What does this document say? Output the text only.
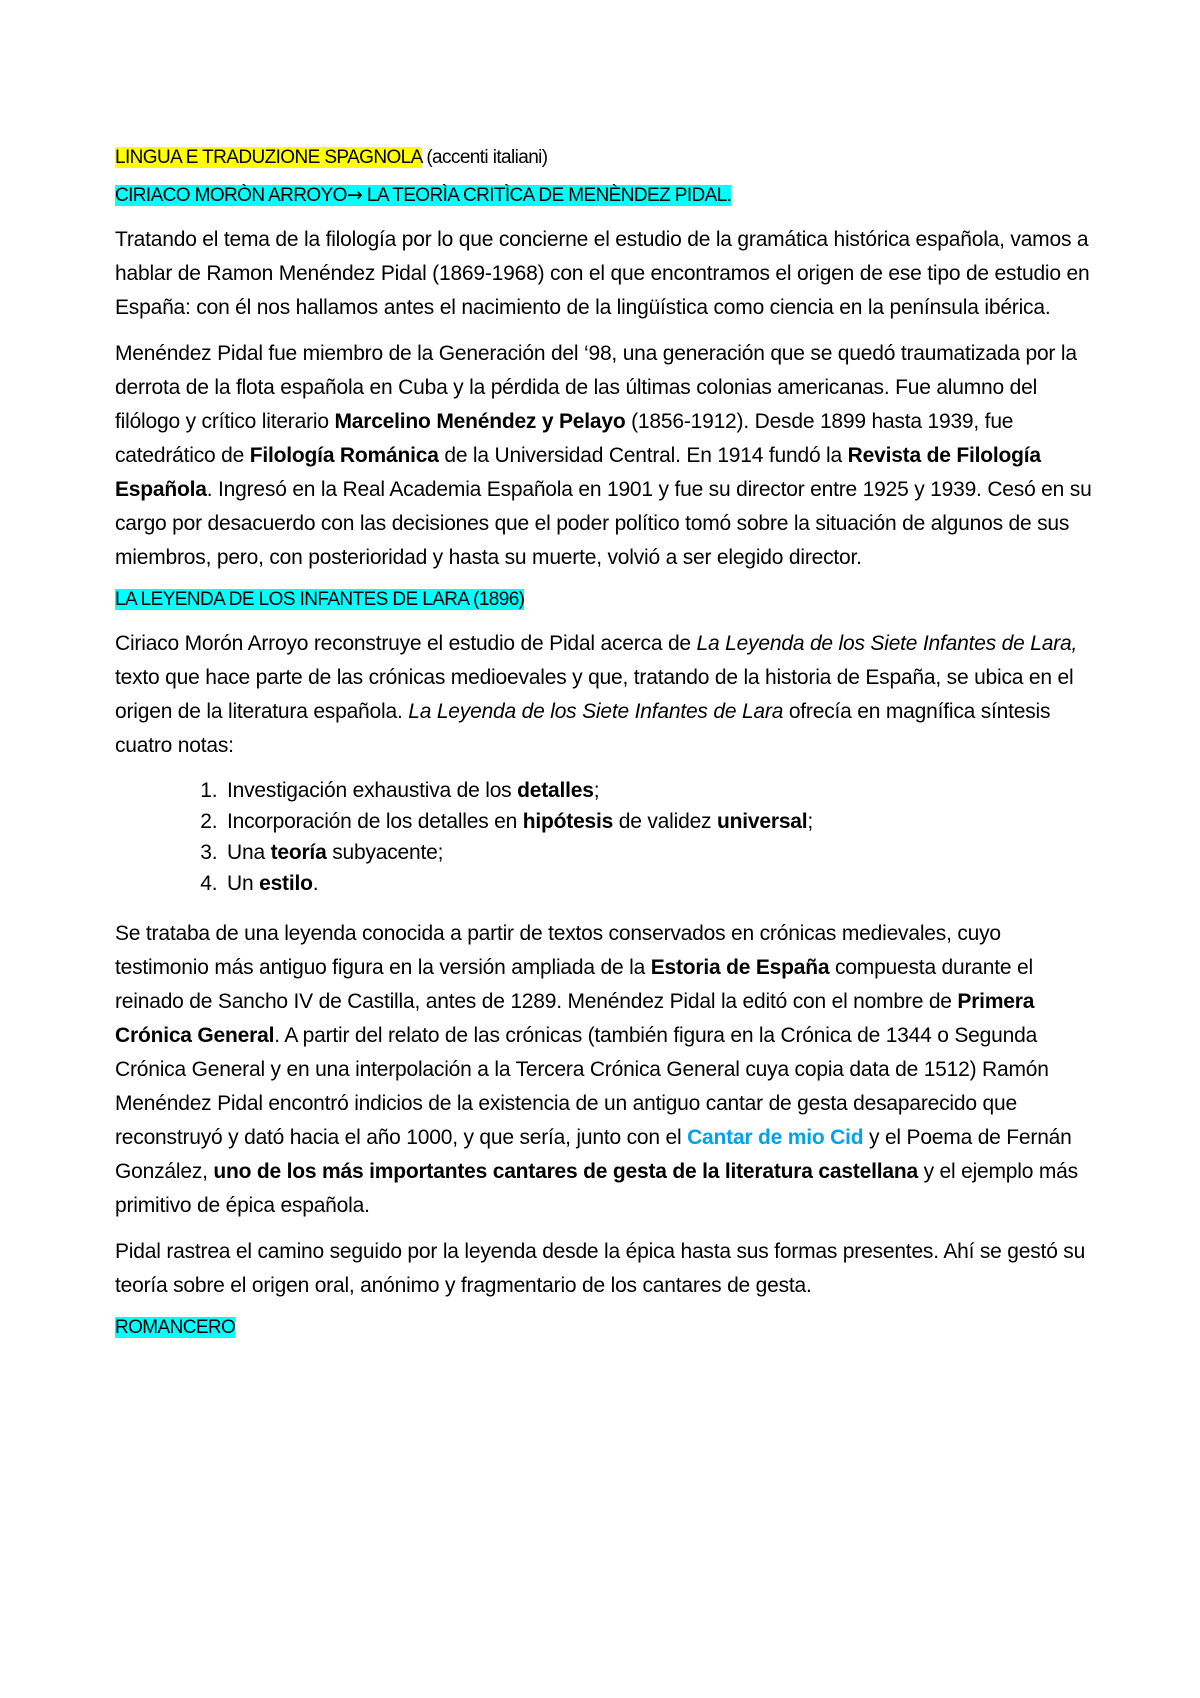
LINGUA E TRADUZIONE SPAGNOLA (accenti italiani)

CIRIACO MORÒN ARROYO→ LA TEORÌA CRITÌCA DE MENÈNDEZ PIDAL.

Tratando el tema de la filología por lo que concierne el estudio de la gramática histórica española, vamos a hablar de Ramon Menéndez Pidal (1869-1968) con el que encontramos el origen de ese tipo de estudio en España: con él nos hallamos antes el nacimiento de la lingüística como ciencia en la península ibérica.

Menéndez Pidal fue miembro de la Generación del ‘98, una generación que se quedó traumatizada por la derrota de la flota española en Cuba y la pérdida de las últimas colonias americanas. Fue alumno del filólogo y crítico literario Marcelino Menéndez y Pelayo (1856-1912). Desde 1899 hasta 1939, fue catedrático de Filología Románica de la Universidad Central. En 1914 fundó la Revista de Filología Española. Ingresó en la Real Academia Española en 1901 y fue su director entre 1925 y 1939. Cesó en su cargo por desacuerdo con las decisiones que el poder político tomó sobre la situación de algunos de sus miembros, pero, con posterioridad y hasta su muerte, volvió a ser elegido director.

LA LEYENDA DE LOS INFANTES DE LARA (1896)

Ciriaco Morón Arroyo reconstruye el estudio de Pidal acerca de La Leyenda de los Siete Infantes de Lara, texto que hace parte de las crónicas medioevales y que, tratando de la historia de España, se ubica en el origen de la literatura española. La Leyenda de los Siete Infantes de Lara ofrecía en magnífica síntesis cuatro notas:

1. Investigación exhaustiva de los detalles;
2. Incorporación de los detalles en hipótesis de validez universal;
3. Una teoría subyacente;
4. Un estilo.

Se trataba de una leyenda conocida a partir de textos conservados en crónicas medievales, cuyo testimonio más antiguo figura en la versión ampliada de la Estoria de España compuesta durante el reinado de Sancho IV de Castilla, antes de 1289. Menéndez Pidal la editó con el nombre de Primera Crónica General. A partir del relato de las crónicas (también figura en la Crónica de 1344 o Segunda Crónica General y en una interpolación a la Tercera Crónica General cuya copia data de 1512) Ramón Menéndez Pidal encontró indicios de la existencia de un antiguo cantar de gesta desaparecido que reconstruyó y dató hacia el año 1000, y que sería, junto con el Cantar de mio Cid y el Poema de Fernán González, uno de los más importantes cantares de gesta de la literatura castellana y el ejemplo más primitivo de épica española.

Pidal rastrea el camino seguido por la leyenda desde la épica hasta sus formas presentes. Ahí se gestó su teoría sobre el origen oral, anónimo y fragmentario de los cantares de gesta.

ROMANCERO
